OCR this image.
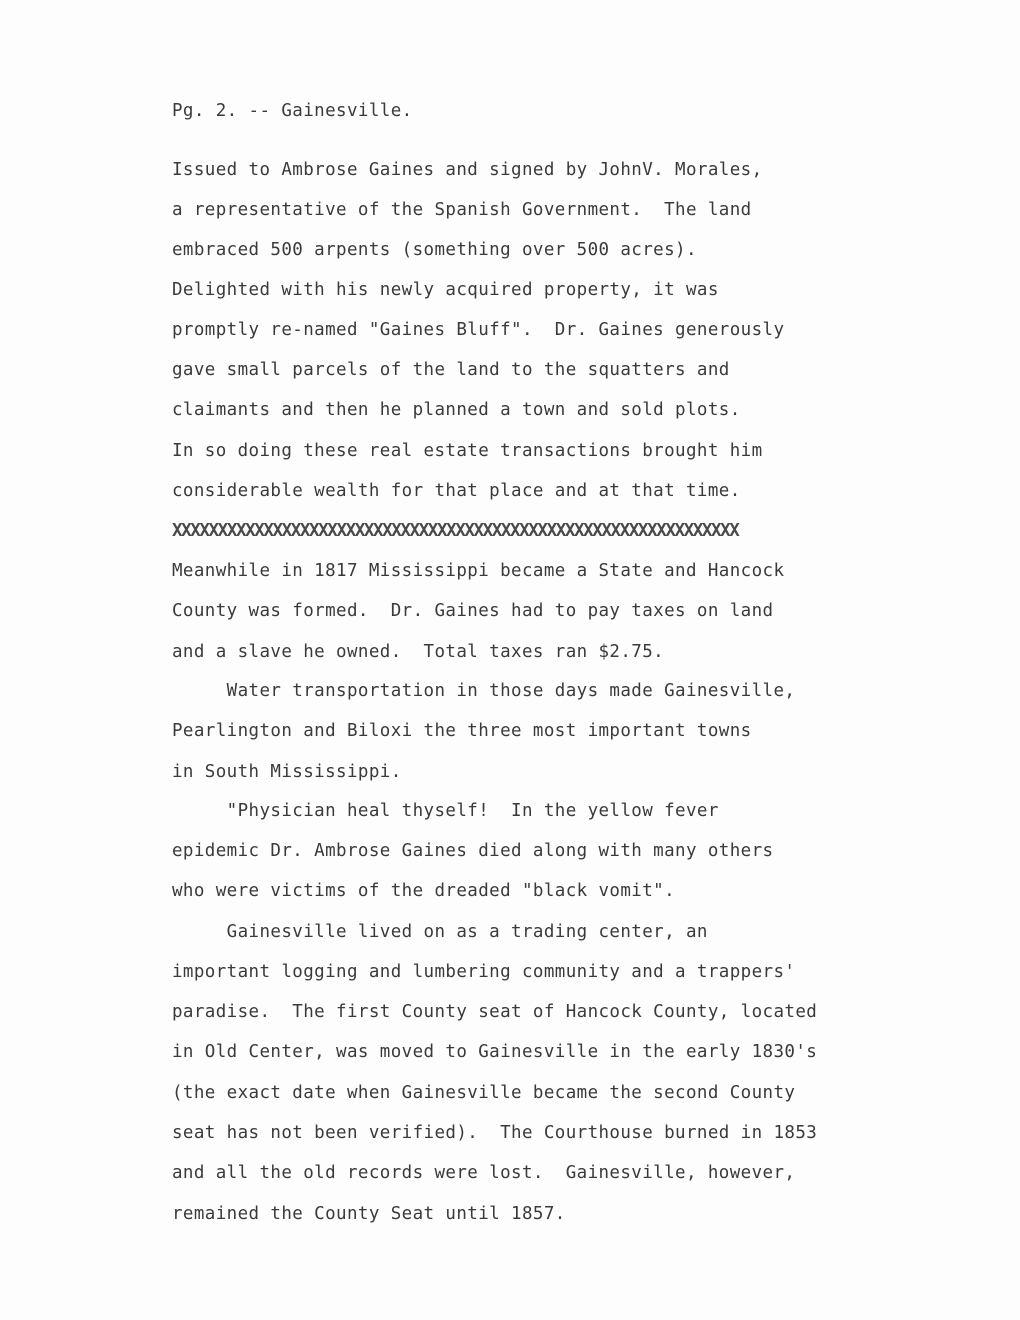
Pg. 2. -- Gainesville.
Issued to Ambrose Gaines and signed by JohnV. Morales,
a representative of the Spanish Government.  The land
embraced 500 arpents (something over 500 acres).
Delighted with his newly acquired property, it was
promptly re-named "Gaines Bluff".  Dr. Gaines generously
gave small parcels of the land to the squatters and
claimants and then he planned a town and sold plots.
In so doing these real estate transactions brought him
considerable wealth for that place and at that time.
XXXXXXXXXXXXXXXXXXXXXXXXXXXXXXXXXXXXXXXXXXXXXXXXXXXXXXXXXXXXXX
Meanwhile in 1817 Mississippi became a State and Hancock
County was formed.  Dr. Gaines had to pay taxes on land
and a slave he owned.  Total taxes ran $2.75.
Water transportation in those days made Gainesville,
Pearlington and Biloxi the three most important towns
in South Mississippi.
"Physician heal thyself!  In the yellow fever
epidemic Dr. Ambrose Gaines died along with many others
who were victims of the dreaded "black vomit".
Gainesville lived on as a trading center, an
important logging and lumbering community and a trappers'
paradise.  The first County seat of Hancock County, located
in Old Center, was moved to Gainesville in the early 1830's
(the exact date when Gainesville became the second County
seat has not been verified).  The Courthouse burned in 1853
and all the old records were lost.  Gainesville, however,
remained the County Seat until 1857.
